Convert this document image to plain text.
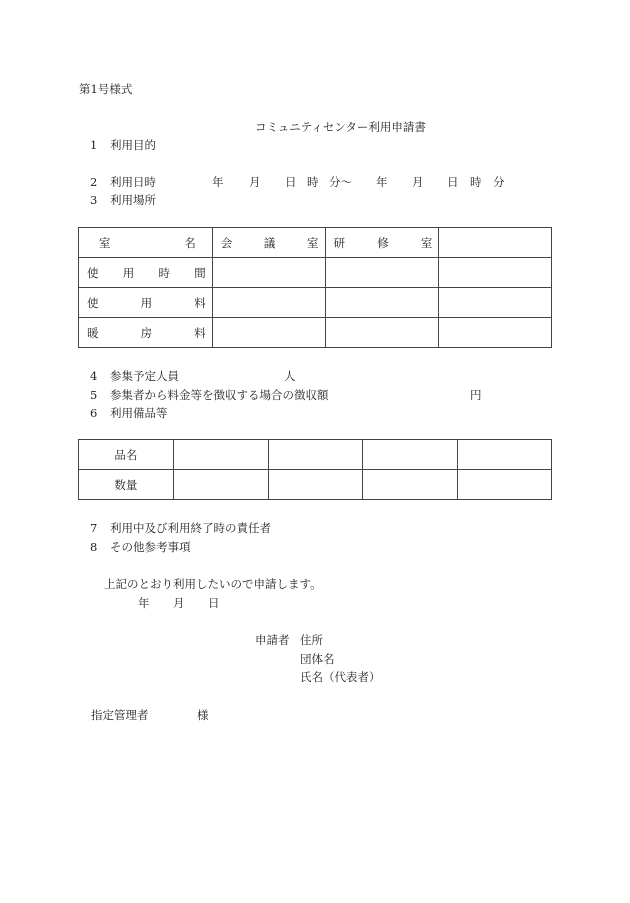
第1号様式
コミュニティセンター利用申請書
1 利用目的
2 利用日時	年 月 日 時 分〜 年 月 日 時 分
3 利用場所
室 名	会 議 室	研 修 室	

使 用 時 間			

使 用 料			

暖 房 料			

4 参集予定人員	人
5 参集者から料金等を徴収する場合の徴収額	円
6 利用備品等
品名				
数量				
7 利用中及び利用終了時の責任者
8 その他参考事項
上記のとおり利用したいので申請します。
年 月 日
申請者 住所
団体名
氏名（代表者）
指定管理者	様
